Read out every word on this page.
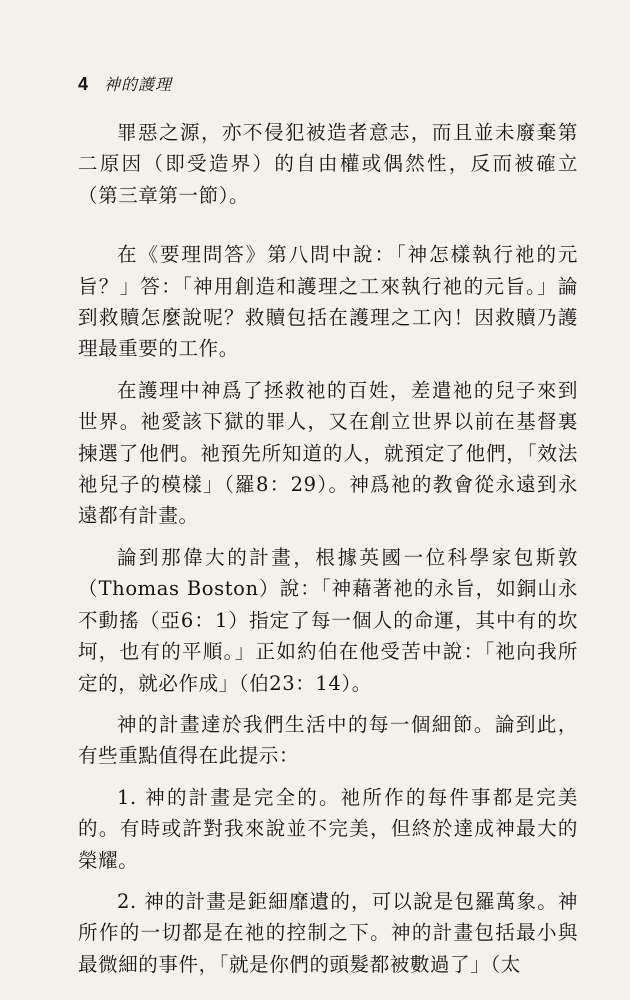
4 神的護理

罪惡之源，亦不侵犯被造者意志，而且並未廢棄第二原因（即受造界）的自由權或偶然性，反而被確立（第三章第一節）。

在《要理問答》第八問中說：「神怎樣執行祂的元旨？」答：「神用創造和護理之工來執行祂的元旨。」論到救贖怎麼說呢？救贖包括在護理之工內！因救贖乃護理最重要的工作。

在護理中神爲了拯救祂的百姓，差遣祂的兒子來到世界。祂愛該下獄的罪人，又在創立世界以前在基督裏揀選了他們。祂預先所知道的人，就預定了他們，「效法祂兒子的模樣」（羅8：29）。神爲祂的教會從永遠到永遠都有計畫。

論到那偉大的計畫，根據英國一位科學家包斯敦（Thomas Boston）說：「神藉著祂的永旨，如銅山永不動搖（亞6：1）指定了每一個人的命運，其中有的坎坷，也有的平順。」正如約伯在他受苦中說：「祂向我所定的，就必作成」（伯23：14）。

神的計畫達於我們生活中的每一個細節。論到此，有些重點值得在此提示：

1. 神的計畫是完全的。祂所作的每件事都是完美的。有時或許對我來說並不完美，但終於達成神最大的榮耀。

2. 神的計畫是鉅細靡遺的，可以說是包羅萬象。神所作的一切都是在祂的控制之下。神的計畫包括最小與最微細的事件，「就是你們的頭髮都被數過了」（太
